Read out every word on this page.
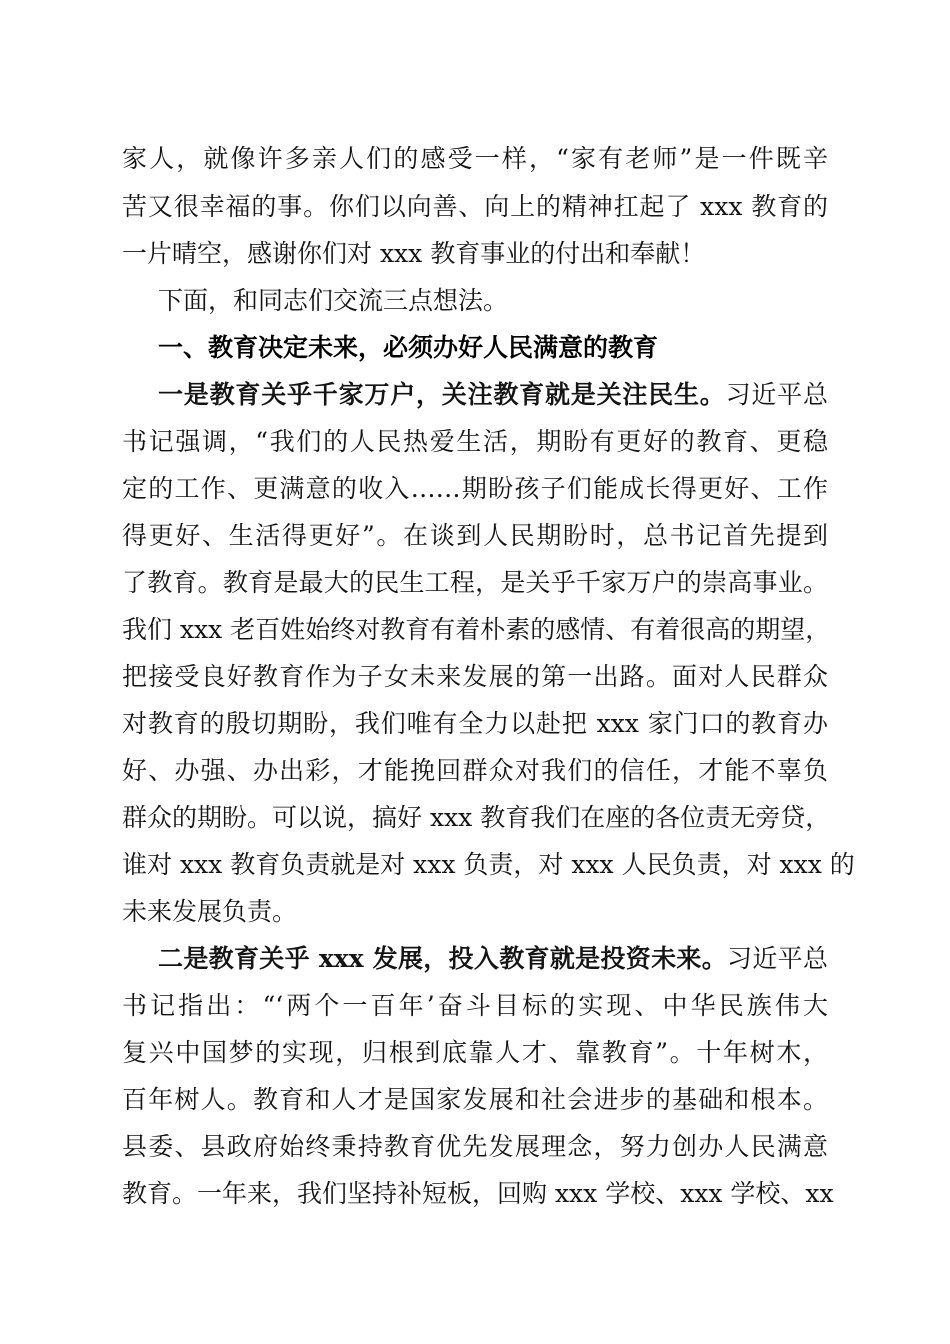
家人，就像许多亲人们的感受一样，“家有老师”是一件既辛
苦又很幸福的事。你们以向善、向上的精神扛起了 xxx 教育的
一片晴空，感谢你们对 xxx 教育事业的付出和奉献！
下面，和同志们交流三点想法。
一、教育决定未来，必须办好人民满意的教育
一是教育关乎千家万户，关注教育就是关注民生。习近平总
书记强调，“我们的人民热爱生活，期盼有更好的教育、更稳
定的工作、更满意的收入……期盼孩子们能成长得更好、工作
得更好、生活得更好”。在谈到人民期盼时，总书记首先提到
了教育。教育是最大的民生工程，是关乎千家万户的崇高事业。
我们 xxx 老百姓始终对教育有着朴素的感情、有着很高的期望，
把接受良好教育作为子女未来发展的第一出路。面对人民群众
对教育的殷切期盼，我们唯有全力以赴把 xxx 家门口的教育办
好、办强、办出彩，才能挽回群众对我们的信任，才能不辜负
群众的期盼。可以说，搞好 xxx 教育我们在座的各位责无旁贷，
谁对 xxx 教育负责就是对 xxx 负责，对 xxx 人民负责，对 xxx 的
未来发展负责。
二是教育关乎 xxx 发展，投入教育就是投资未来。习近平总
书记指出：“‘两个一百年’奋斗目标的实现、中华民族伟大
复兴中国梦的实现，归根到底靠人才、靠教育”。十年树木，
百年树人。教育和人才是国家发展和社会进步的基础和根本。
县委、县政府始终秉持教育优先发展理念，努力创办人民满意
教育。一年来，我们坚持补短板，回购 xxx 学校、xxx 学校、xx
